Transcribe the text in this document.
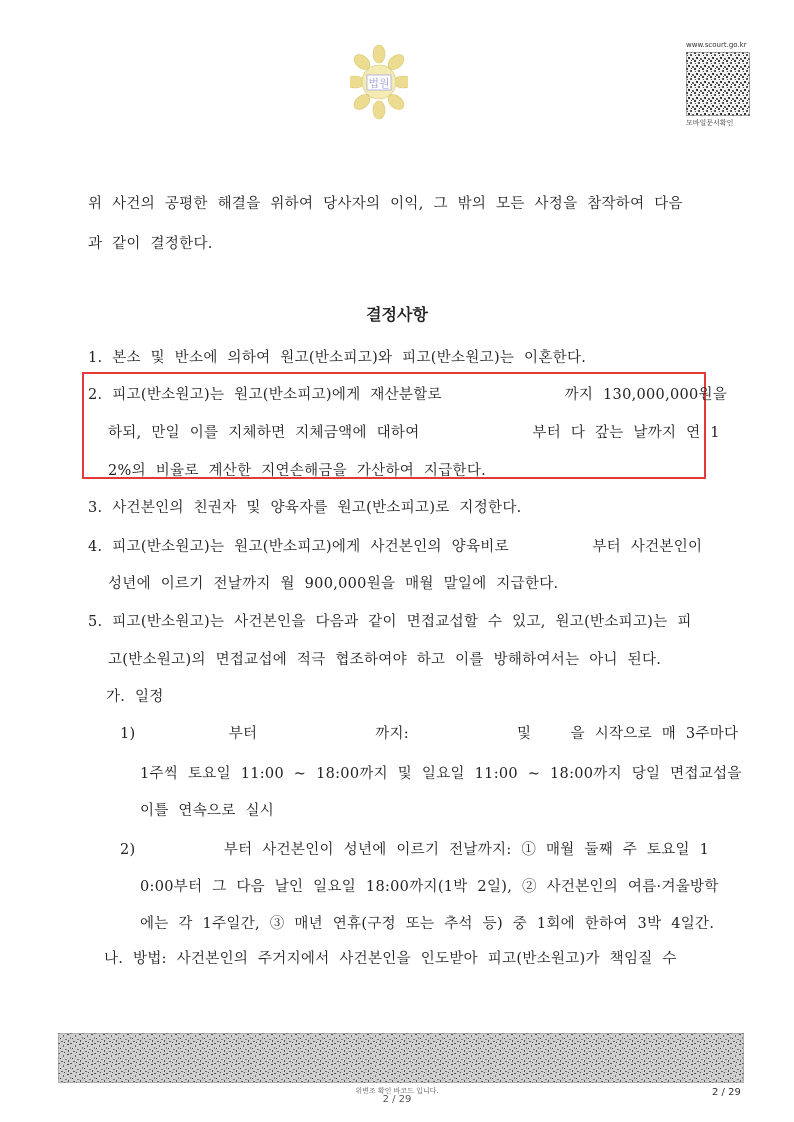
법원
www.scourt.go.kr
모바일문서확인
위  사건의  공평한  해결을  위하여  당사자의  이익,  그  밖의  모든  사정을  참작하여  다음
과  같이  결정한다.
결정사항
1.  본소  및  반소에  의하여  원고(반소피고)와  피고(반소원고)는  이혼한다.
2.  피고(반소원고)는  원고(반소피고)에게  재산분할로                         까지  130,000,000원을
하되,  만일  이를  지체하면  지체금액에  대하여                       부터  다  갚는  날까지  연  1
2%의  비율로  계산한  지연손해금을  가산하여  지급한다.
3.  사건본인의  친권자  및  양육자를  원고(반소피고)로  지정한다.
4.  피고(반소원고)는  원고(반소피고)에게  사건본인의  양육비로                 부터  사건본인이
성년에  이르기  전날까지  월  900,000원을  매월  말일에  지급한다.
5.  피고(반소원고)는  사건본인을  다음과  같이  면접교섭할  수  있고,  원고(반소피고)는  피
고(반소원고)의  면접교섭에  적극  협조하여야  하고  이를  방해하여서는  아니  된다.
가.  일정
1)                   부터                        까지:                      및        을  시작으로  매  3주마다
1주씩  토요일  11:00  ~  18:00까지  및  일요일  11:00  ~  18:00까지  당일  면접교섭을
이틀  연속으로  실시
2)                  부터  사건본인이  성년에  이르기  전날까지:  ①  매월  둘째  주  토요일  1
0:00부터  그  다음  날인  일요일  18:00까지(1박  2일),  ②  사건본인의  여름·겨울방학
에는  각  1주일간,  ③  매년  연휴(구정  또는  추석  등)  중  1회에  한하여  3박  4일간.
나.  방법:  사건본인의  주거지에서  사건본인을  인도받아  피고(반소원고)가  책임질  수
위변조 확인 바코드 입니다.
2 / 29
2 / 29
